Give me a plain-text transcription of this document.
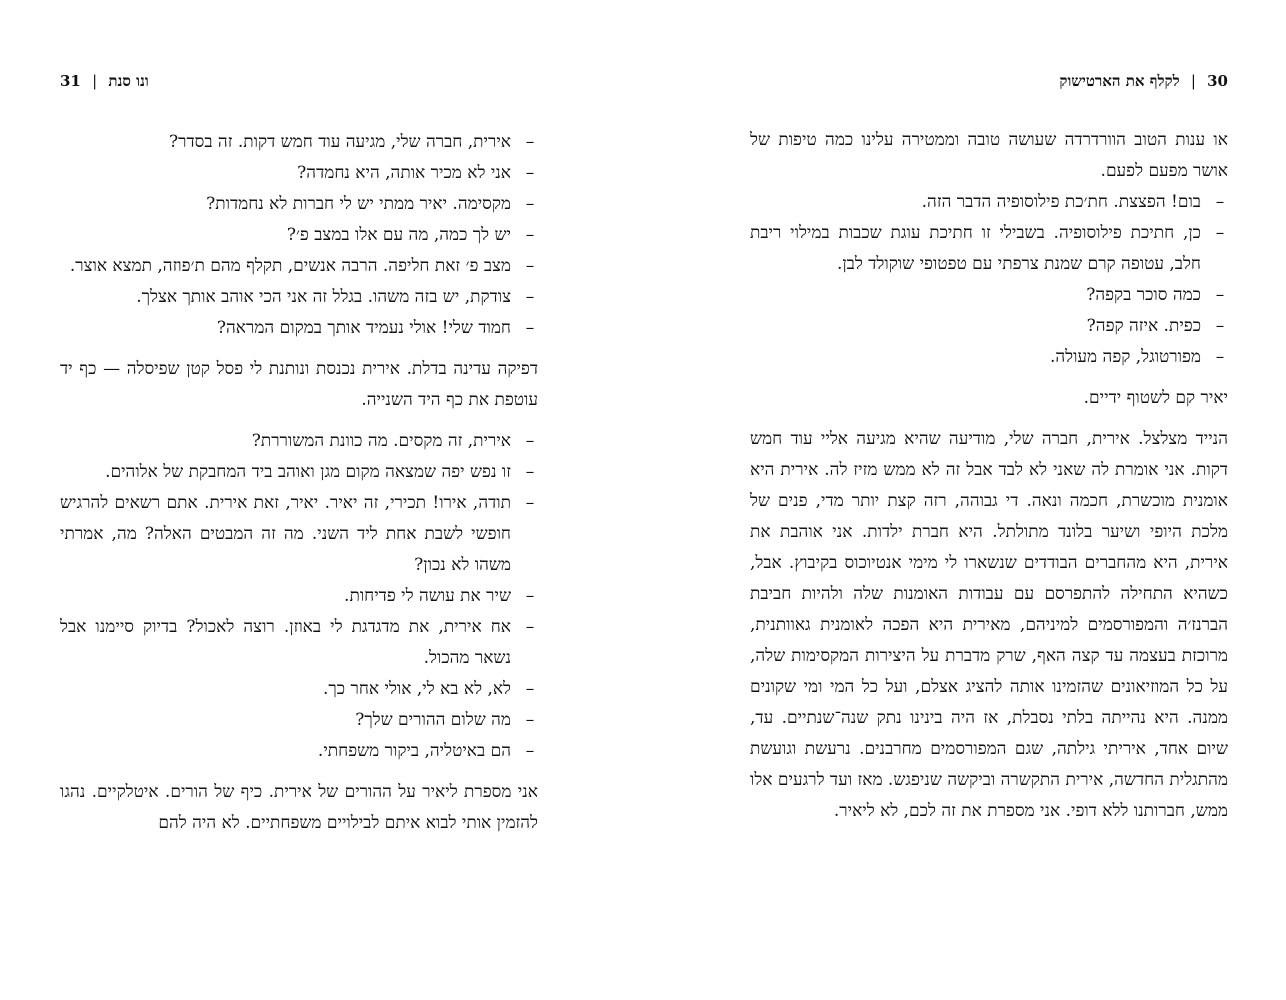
30 | לקלף את הארטישוק

או ענות הטוב הוורדרדה שעושה טובה וממטירה עלינו כמה טיפות של אושר מפעם לפעם.

–
בום! הפצצת. חת׳כת פילוסופיה הדבר הזה.
–
כן, חתיכת פילוסופיה. בשבילי זו חתיכת עוגת שכבות במילוי ריבת חלב, עטופה קרם שמנת צרפתי עם טפטופי שוקולד לבן.
–
כמה סוכר בקפה?
–
כפית. איזה קפה?
–
מפורטוגל, קפה מעולה.

יאיר קם לשטוף ידיים.

הנייד מצלצל. אירית, חברה שלי, מודיעה שהיא מגיעה אליי עוד חמש דקות. אני אומרת לה שאני לא לבד אבל זה לא ממש מזיז לה. אירית היא אומנית מוכשרת, חכמה ונאה. די גבוהה, רזה קצת יותר מדי, פנים של מלכת היופי ושיער בלונד מתולתל. היא חברת ילדות. אני אוהבת את אירית, היא מהחברים הבודדים שנשארו לי מימי אנטיוכוס בקיבוץ. אבל, כשהיא התחילה להתפרסם עם עבודות האומנות שלה ולהיות חביבת הברנז׳ה והמפורסמים למיניהם, מאירית היא הפכה לאומנית גאוותנית, מרוכזת בעצמה עד קצה האף, שרק מדברת על היצירות המקסימות שלה, על כל המוזיאונים שהזמינו אותה להציג אצלם, ועל כל המי ומי שקונים ממנה. היא נהייתה בלתי נסבלת, אז היה בינינו נתק שנה־שנתיים. עד, שיום אחד, איריתי גילתה, שגם המפורסמים מחרבנים. נרעשת וגועשת מהתגלית החדשה, אירית התקשרה וביקשה שניפגש. מאז ועד לרגעים אלו ממש, חברותנו ללא דופי. אני מספרת את זה לכם, לא ליאיר.

ונו סנת | 31
–
אירית, חברה שלי, מגיעה עוד חמש דקות. זה בסדר?
–
אני לא מכיר אותה, היא נחמדה?
–
מקסימה. יאיר ממתי יש לי חברות לא נחמדות?
–
יש לך כמה, מה עם אלו במצב פ׳?
–
מצב פ׳ זאת חליפה. הרבה אנשים, תקלף מהם ת׳פוזה, תמצא אוצר.
–
צודקת, יש בזה משהו. בגלל זה אני הכי אוהב אותך אצלך.
–
חמוד שלי! אולי נעמיד אותך במקום המראה?

דפיקה עדינה בדלת. אירית נכנסת ונותנת לי פסל קטן שפיסלה — כף יד עוטפת את כף היד השנייה.

–
אירית, זה מקסים. מה כוונת המשוררת?
–
זו נפש יפה שמצאה מקום מגן ואוהב ביד המחבקת של אלוהים.
–
תודה, אירו! תכירי, זה יאיר. יאיר, זאת אירית. אתם רשאים להרגיש חופשי לשבת אחת ליד השני. מה זה המבטים האלה? מה, אמרתי משהו לא נכון?
–
שיר את עושה לי פדיחות.
–
אח אירית, את מדגדגת לי באוזן. רוצה לאכול? בדיוק סיימנו אבל נשאר מהכול.
–
לא, לא בא לי, אולי אחר כך.
–
מה שלום ההורים שלך?
–
הם באיטליה, ביקור משפחתי.

אני מספרת ליאיר על ההורים של אירית. כיף של הורים. איטלקיים. נהגו להזמין אותי לבוא איתם לבילויים משפחתיים. לא היה להם
